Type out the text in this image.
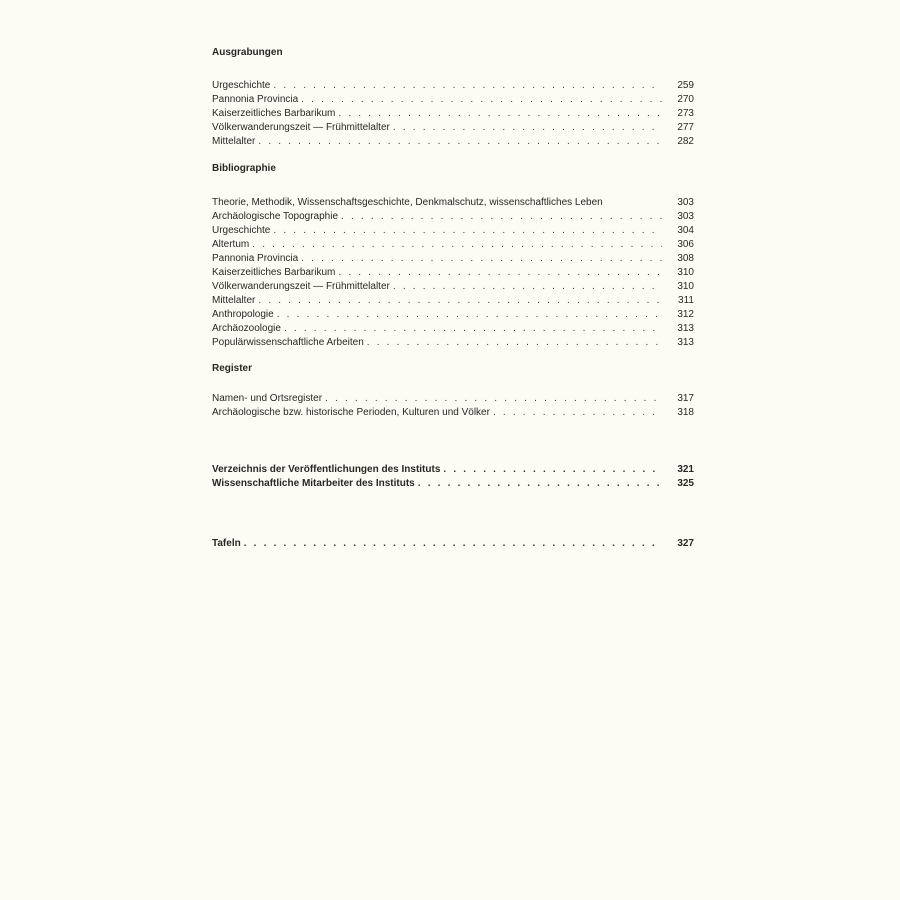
Ausgrabungen

Urgeschichte . . .	259
Pannonia Provincia . . .	270
Kaiserzeitliches Barbarikum . . .	273
Völkerwanderungszeit — Frühmittelalter . . .	277
Mittelalter . . .	282

Bibliographie

Theorie, Methodik, Wissenschaftsgeschichte, Denkmalschutz, wissenschaftliches Leben	303
Archäologische Topographie . . .	303
Urgeschichte . . .	304
Altertum . . .	306
Pannonia Provincia . . .	308
Kaiserzeitliches Barbarikum . . .	310
Völkerwanderungszeit — Frühmittelalter . . .	310
Mittelalter . . .	311
Anthropologie . . .	312
Archäozoologie . . .	313
Populärwissenschaftliche Arbeiten . . .	313

Register

Namen- und Ortsregister . . .	317
Archäologische bzw. historische Perioden, Kulturen und Völker . . .	318
Verzeichnis der Veröffentlichungen des Instituts . . .	321
Wissenschaftliche Mitarbeiter des Instituts . . .	325
Tafeln . . .	327
